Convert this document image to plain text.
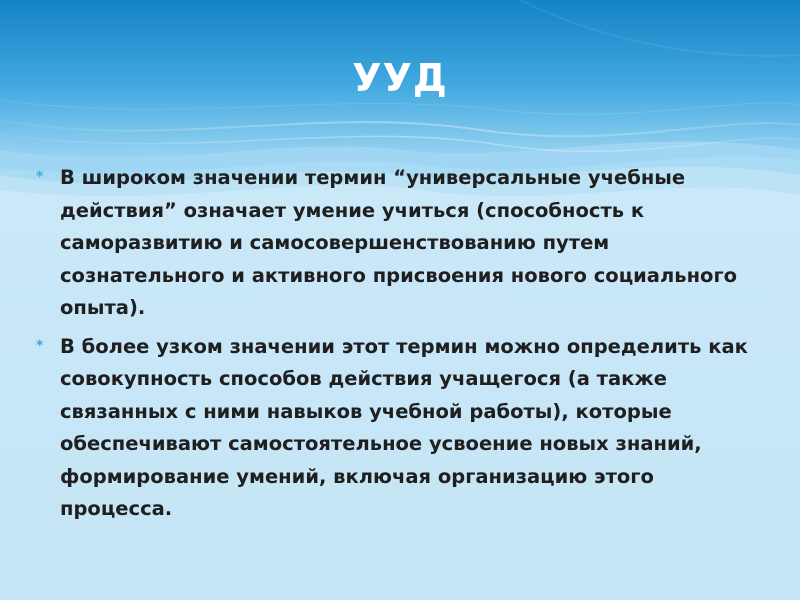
УУД
* В широком значении термин “универсальные учебные действия” означает умение учиться (способность к саморазвитию и самосовершенствованию путем сознательного и активного присвоения нового социального опыта).
* В более узком значении этот термин можно определить как совокупность способов действия учащегося (а также связанных с ними навыков учебной работы), которые обеспечивают самостоятельное усвоение новых знаний, формирование умений, включая организацию этого процесса.
